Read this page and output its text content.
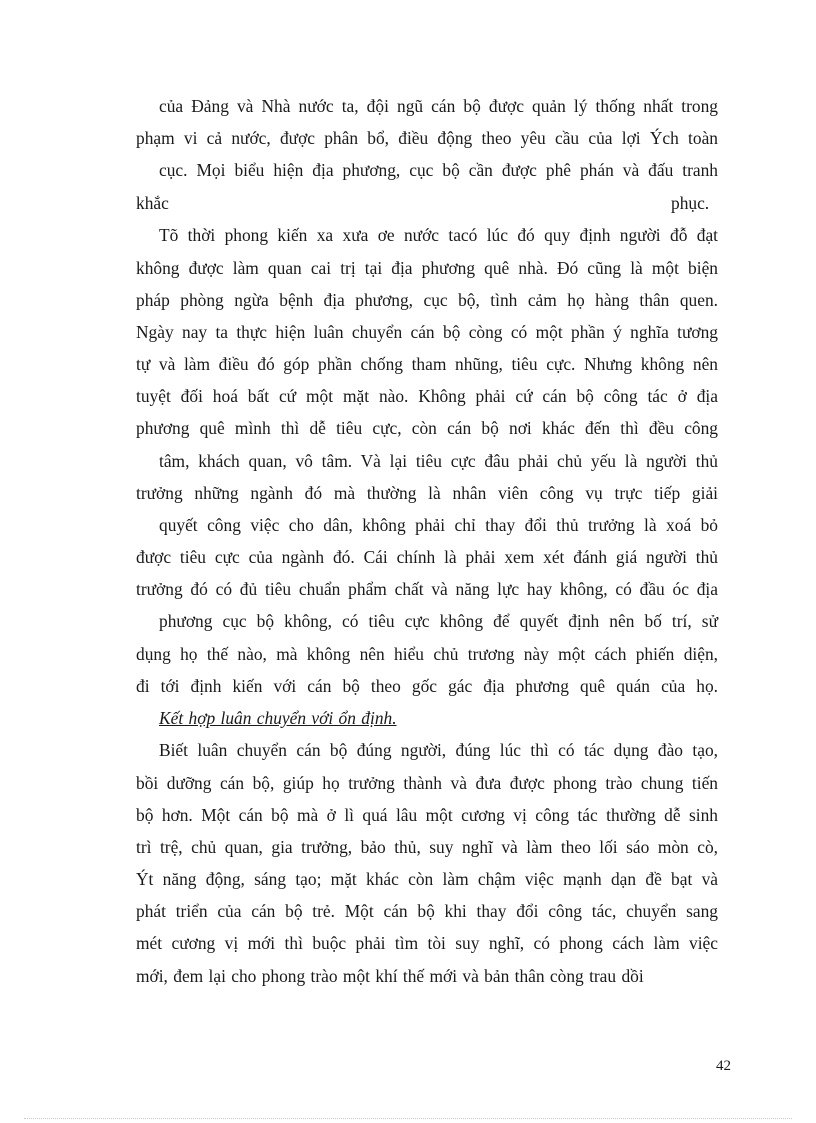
của Đảng và Nhà nước ta, đội ngũ cán bộ được quản lý thống nhất trong
phạm vi cả nước, được phân bổ, điều động theo yêu cầu của lợi Ých toàn
cục. Mọi biểu hiện địa phương, cục bộ cần được phê phán và đấu tranh
khắc	phục.
Tõ thời phong kiến xa xưa ơe nước tacó lúc đó quy định người đỗ đạt
không được làm quan cai trị tại địa phương quê nhà. Đó cũng là một biện
pháp phòng ngừa bệnh địa phương, cục bộ, tình cảm họ hàng thân quen.
Ngày nay ta thực hiện luân chuyển cán bộ còng có một phần ý nghĩa tương
tự và làm điều đó góp phần chống tham nhũng, tiêu cực. Nhưng không nên
tuyệt đối hoá bất cứ một mặt nào. Không phải cứ cán bộ công tác ở địa
phương quê mình thì dễ tiêu cực, còn cán bộ nơi khác đến thì đều công
tâm, khách quan, vô tâm. Và lại tiêu cực đâu phải chủ yếu là người thủ
trưởng những ngành đó mà thường là nhân viên công vụ trực tiếp giải
quyết công việc cho dân, không phải chỉ thay đổi thủ trưởng là xoá bỏ
được tiêu cực của ngành đó. Cái chính là phải xem xét đánh giá người thủ
trưởng đó có đủ tiêu chuẩn phẩm chất và năng lực hay không, có đầu óc địa
phương cục bộ không, có tiêu cực không để quyết định nên bố trí, sử
dụng họ thế nào, mà không nên hiểu chủ trương này một cách phiến diện,
đi tới định kiến với cán bộ theo gốc gác địa phương quê quán của họ.
Kết hợp luân chuyển với ổn định.
Biết luân chuyển cán bộ đúng người, đúng lúc thì có tác dụng đào tạo,
bồi dưỡng cán bộ, giúp họ trưởng thành và đưa được phong trào chung tiến
bộ hơn. Một cán bộ mà ở lì quá lâu một cương vị công tác thường dễ sinh
trì trệ, chủ quan, gia trưởng, bảo thủ, suy nghĩ và làm theo lối sáo mòn cò,
Ýt năng động, sáng tạo; mặt khác còn làm chậm việc mạnh dạn đề bạt và
phát triển của cán bộ trẻ. Một cán bộ khi thay đổi công tác, chuyển sang
mét cương vị mới thì buộc phải tìm tòi suy nghĩ, có phong cách làm việc
mới, đem lại cho phong trào một khí thế mới và bản thân còng trau dồi
42
